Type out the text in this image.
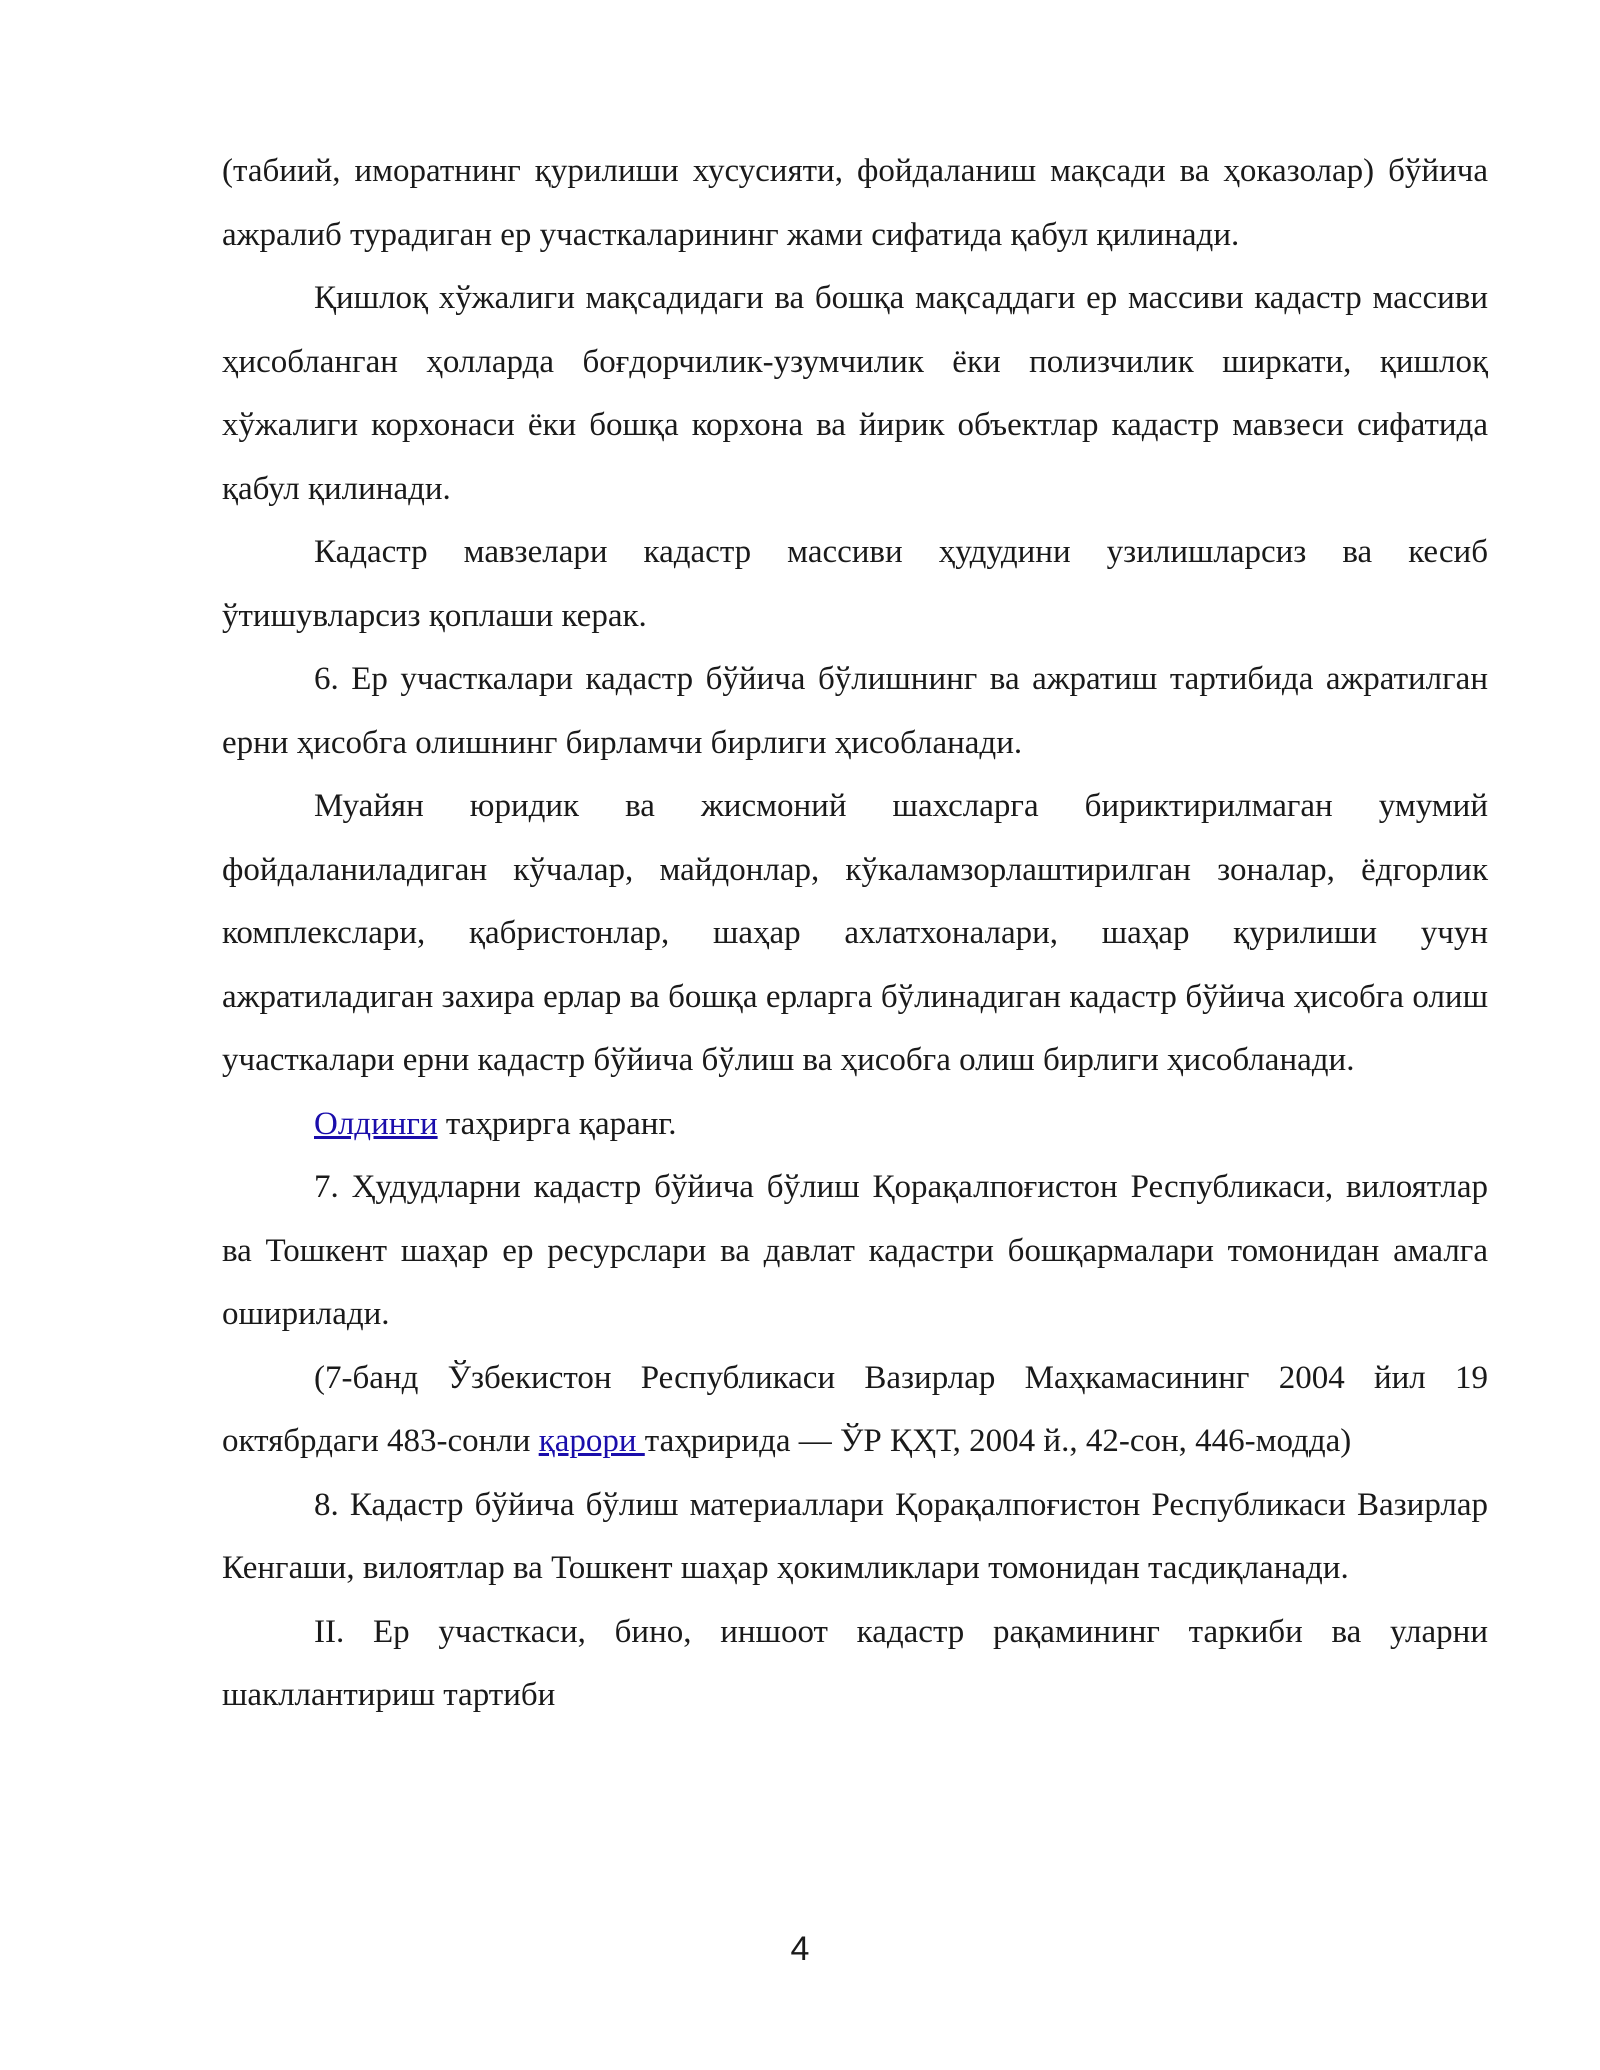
(табиий, иморатнинг қурилиши хусусияти, фойдаланиш мақсади ва ҳоказолар) бўйича ажралиб турадиган ер участкаларининг жами сифатида қабул қилинади.

Қишлоқ хўжалиги мақсадидаги ва бошқа мақсаддаги ер массиви кадастр массиви ҳисобланган ҳолларда боғдорчилик-узумчилик ёки полизчилик ширкати, қишлоқ хўжалиги корхонаси ёки бошқа корхона ва йирик объектлар кадастр мавзеси сифатида қабул қилинади.

Кадастр мавзелари кадастр массиви ҳудудини узилишларсиз ва кесиб ўтишувларсиз қоплаши керак.

6. Ер участкалари кадастр бўйича бўлишнинг ва ажратиш тартибида ажратилган ерни ҳисобга олишнинг бирламчи бирлиги ҳисобланади.

Муайян юридик ва жисмоний шахсларга бириктирилмаган умумий фойдаланиладиган кўчалар, майдонлар, кўкаламзорлаштирилган зоналар, ёдгорлик комплекслари, қабристонлар, шаҳар ахлатхоналари, шаҳар қурилиши учун ажратиладиган захира ерлар ва бошқа ерларга бўлинадиган кадастр бўйича ҳисобга олиш участкалари ерни кадастр бўйича бўлиш ва ҳисобга олиш бирлиги ҳисобланади.

Олдинги таҳрирга қаранг.

7. Ҳудудларни кадастр бўйича бўлиш Қорақалпоғистон Республикаси, вилоятлар ва Тошкент шаҳар ер ресурслари ва давлат кадастри бошқармалари томонидан амалга оширилади.

(7-банд Ўзбекистон Республикаси Вазирлар Маҳкамасининг 2004 йил 19 октябрдаги 483-сонли қарори таҳририда — ЎР ҚҲТ, 2004 й., 42-сон, 446-модда)

8. Кадастр бўйича бўлиш материаллари Қорақалпоғистон Республикаси Вазирлар Кенгаши, вилоятлар ва Тошкент шаҳар ҳокимликлари томонидан тасдиқланади.

II. Ер участкаси, бино, иншоот кадастр рақамининг таркиби ва уларни шакллантириш тартиби

4
